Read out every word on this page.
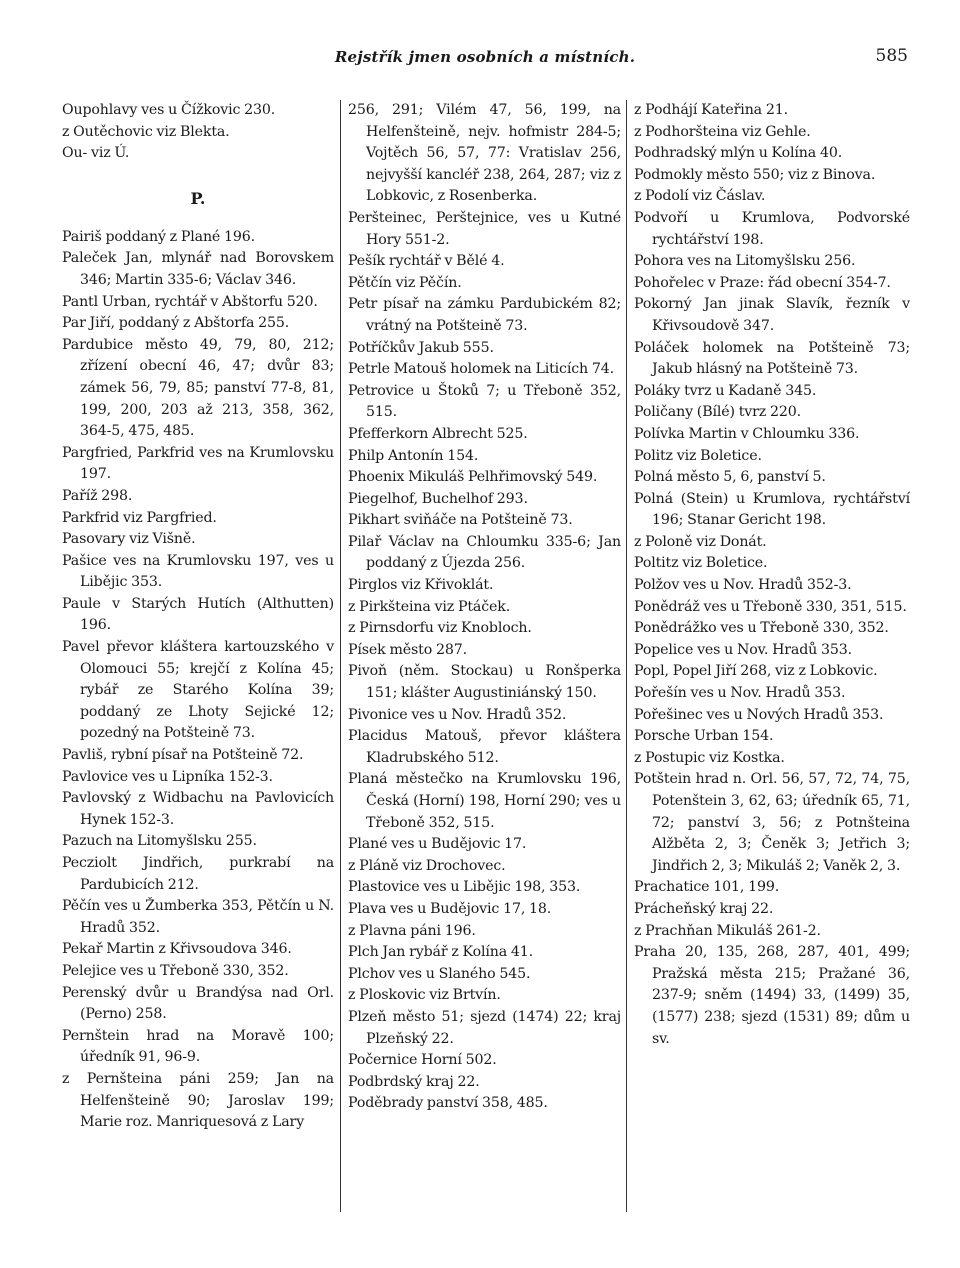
Rejstřík jmen osobních a místních.	585

Oupohlavy ves u Čížkovic 230.

z Outěchovic viz Blekta.

Ou- viz Ú.

P.

Pairiš poddaný z Plané 196.

Paleček Jan, mlynář nad Borovskem 346; Martin 335-6; Václav 346.

Pantl Urban, rychtář v Abštorfu 520.

Par Jiří, poddaný z Abštorfa 255.

Pardubice město 49, 79, 80, 212; zřízení obecní 46, 47; dvůr 83; zámek 56, 79, 85; panství 77-8, 81, 199, 200, 203 až 213, 358, 362, 364-5, 475, 485.

Pargfried, Parkfrid ves na Krumlovsku 197.

Paříž 298.

Parkfrid viz Pargfried.

Pasovary viz Višně.

Pašice ves na Krumlovsku 197, ves u Libějic 353.

Paule v Starých Hutích (Althutten) 196.

Pavel převor kláštera kartouzského v Olomouci 55; krejčí z Kolína 45; rybář ze Starého Kolína 39; poddaný ze Lhoty Sejické 12; pozedný na Potšteině 73.

Pavliš, rybní písař na Potšteině 72.

Pavlovice ves u Lipníka 152-3.

Pavlovský z Widbachu na Pavlovicích Hynek 152-3.

Pazuch na Litomyšlsku 255.

Pecziolt Jindřich, purkrabí na Pardubicích 212.

Pěčín ves u Žumberka 353, Pětčín u N. Hradů 352.

Pekař Martin z Křivsoudova 346.

Pelejice ves u Třeboně 330, 352.

Perenský dvůr u Brandýsa nad Orl. (Perno) 258.

Pernštein hrad na Moravě 100; úředník 91, 96-9.

z Pernšteina páni 259; Jan na Helfenšteině 90; Jaroslav 199; Marie roz. Manriquesová z Lary

256, 291; Vilém 47, 56, 199, na Helfenšteině, nejv. hofmistr 284-5; Vojtěch 56, 57, 77: Vratislav 256, nejvyšší kancléř 238, 264, 287; viz z Lobkovic, z Rosenberka.

Peršteinec, Perštejnice, ves u Kutné Hory 551-2.

Pešík rychtář v Bělé 4.

Pětčín viz Pěčín.

Petr písař na zámku Pardubickém 82; vrátný na Potšteině 73.

Potříčkův Jakub 555.

Petrle Matouš holomek na Liticích 74.

Petrovice u Štoků 7; u Třeboně 352, 515.

Pfefferkorn Albrecht 525.

Philp Antonín 154.

Phoenix Mikuláš Pelhřimovský 549.

Piegelhof, Buchelhof 293.

Pikhart sviňáče na Potšteině 73.

Pilař Václav na Chloumku 335-6; Jan poddaný z Újezda 256.

Pirglos viz Křivoklát.

z Pirkšteina viz Ptáček.

z Pirnsdorfu viz Knobloch.

Písek město 287.

Pivoň (něm. Stockau) u Ronšperka 151; klášter Augustiniánský 150.

Pivonice ves u Nov. Hradů 352.

Placidus Matouš, převor kláštera Kladrubského 512.

Planá městečko na Krumlovsku 196, Česká (Horní) 198, Horní 290; ves u Třeboně 352, 515.

Plané ves u Budějovic 17.

z Pláně viz Drochovec.

Plastovice ves u Libějic 198, 353.

Plava ves u Budějovic 17, 18.

z Plavna páni 196.

Plch Jan rybář z Kolína 41.

Plchov ves u Slaného 545.

z Ploskovic viz Brtvín.

Plzeň město 51; sjezd (1474) 22; kraj Plzeňský 22.

Počernice Horní 502.

Podbrdský kraj 22.

Poděbrady panství 358, 485.

z Podhájí Kateřina 21.

z Podhoršteina viz Gehle.

Podhradský mlýn u Kolína 40.

Podmokly město 550; viz z Binova.

z Podolí viz Čáslav.

Podvoří u Krumlova, Podvorské rychtářství 198.

Pohora ves na Litomyšlsku 256.

Pohořelec v Praze: řád obecní 354-7.

Pokorný Jan jinak Slavík, řezník v Křivsoudově 347.

Poláček holomek na Potšteině 73; Jakub hlásný na Potšteině 73.

Poláky tvrz u Kadaně 345.

Poličany (Bílé) tvrz 220.

Polívka Martin v Chloumku 336.

Politz viz Boletice.

Polná město 5, 6, panství 5.

Polná (Stein) u Krumlova, rychtářství 196; Stanar Gericht 198.

z Poloně viz Donát.

Poltitz viz Boletice.

Polžov ves u Nov. Hradů 352-3.

Ponědráž ves u Třeboně 330, 351, 515.

Ponědrážko ves u Třeboně 330, 352.

Popelice ves u Nov. Hradů 353.

Popl, Popel Jiří 268, viz z Lobkovic.

Pořešín ves u Nov. Hradů 353.

Pořešinec ves u Nových Hradů 353.

Porsche Urban 154.

z Postupic viz Kostka.

Potštein hrad n. Orl. 56, 57, 72, 74, 75, Potenštein 3, 62, 63; úředník 65, 71, 72; panství 3, 56; z Potnšteina Alžběta 2, 3; Čeněk 3; Jetřich 3; Jindřich 2, 3; Mikuláš 2; Vaněk 2, 3.

Prachatice 101, 199.

Prácheňský kraj 22.

z Prachňan Mikuláš 261-2.

Praha 20, 135, 268, 287, 401, 499; Pražská města 215; Pražané 36, 237-9; sněm (1494) 33, (1499) 35, (1577) 238; sjezd (1531) 89; dům u sv.
